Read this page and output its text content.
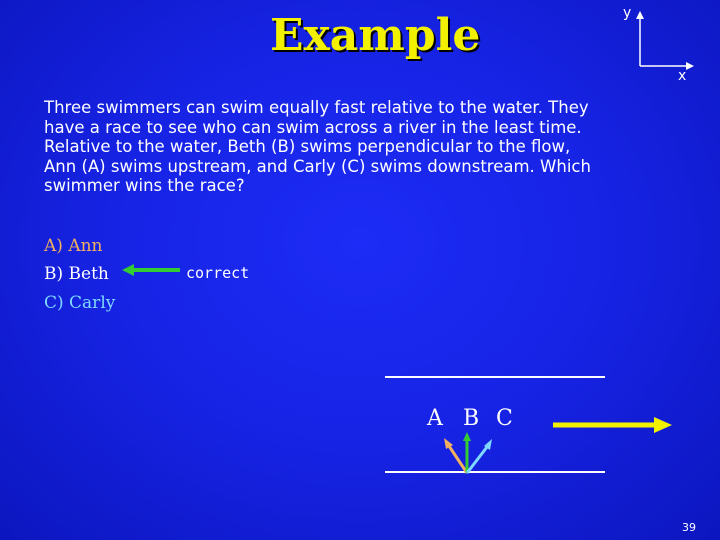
Example	y
x
Three swimmers can swim equally fast relative to the water. They
have a race to see who can swim across a river in the least time.
Relative to the water, Beth (B) swims perpendicular to the flow,
Ann (A) swims upstream, and Carly (C) swims downstream. Which
swimmer wins the race?
A) Ann
B) Beth
C) Carly
correct
A B C
39
